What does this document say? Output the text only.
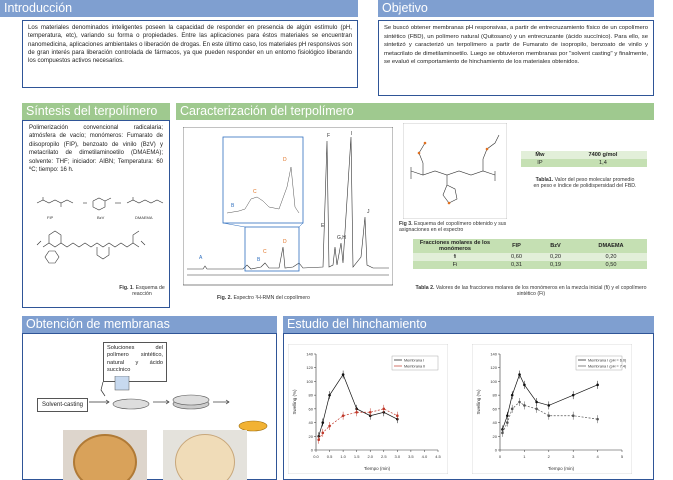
Introducción
Los materiales denominados inteligentes poseen la capacidad de responder en presencia de algún estímulo (pH, temperatura, etc), variando su forma o propiedades. Entre las aplicaciones para éstos materiales se encuentran nanomedicina, aplicaciones ambientales o liberación de drogas. En este último caso, los materiales pH responsivos son de gran interés para liberación controlada de fármacos, ya que pueden responder en un entorno fisiológico liberando los compuestos activos necesarios.
Objetivo
Se buscó obtener membranas pH responsivas, a partir de entrecruzamiento físico de un copolímero sintético (FBD), un polímero natural (Quitosano) y un entrecruzante (ácido succínico). Para ello, se sintetizó y caracterizó un terpolímero a partir de Fumarato de isopropilo, benzoato de vinilo y metacrilato de dimetilaminoetilo. Luego se obtuvieron membranas por "solvent casting" y finalmente, se evaluó el comportamiento de hinchamiento de los materiales obtenidos.
Síntesis del terpolímero
Polimerización convencional radicalaria; atmósfera de vacío; monómeros: Fumarato de diisopropilo (FIP), benzoato de vinilo (BzV) y metacrilato de dimetilaminoetilo (DMAEMA); solvente: THF; iniciador: AIBN; Temperatura: 60 ºC; tiempo: 16 h.
FIP	BzV	DMAEMA
Fig. 1. Esquema de reacción
Caracterización del terpolímero
A	B
C
D
E
F
G,H
I
J
B
C
D
Fig. 2. Espectro ¹H-RMN del copolímero
Fig 3. Esquema del copolímero obtenido y sus asignaciones en el espectro
M̄w	7400 g/mol
IP	1,4
Tabla1. Valor del peso molecular promedio en peso e índice de polidispersidad del FBD.
Fracciones molares de los monómeros	FIP	BzV	DMAEMA
fi	0,60	0,20	0,20
Fi	0,31	0,19	0,50
Tabla 2. Valores de las fracciones molares de los monómeros en la mezcla inicial (fi) y el copolímero sintético (Fi)
Obtención de membranas
Soluciones del polímero sintético, natural y ácido succínico
Solvent-casting
Estudio del hinchamiento
0.0 0.5 1.0 1.5 2.0 2.5 3.0 3.5 4.0 4.5
0
20
40
60
80
100
120
140
Tiempo (min)
Swelling (%)
Membrana I
Membrana II
0	1	2	3	4	5
0
20
40
60
80
100
120
140
Tiempo (min)
Swelling (%)
Membrana I (pH = 6.0)
Membrana I (pH = 7.4)
